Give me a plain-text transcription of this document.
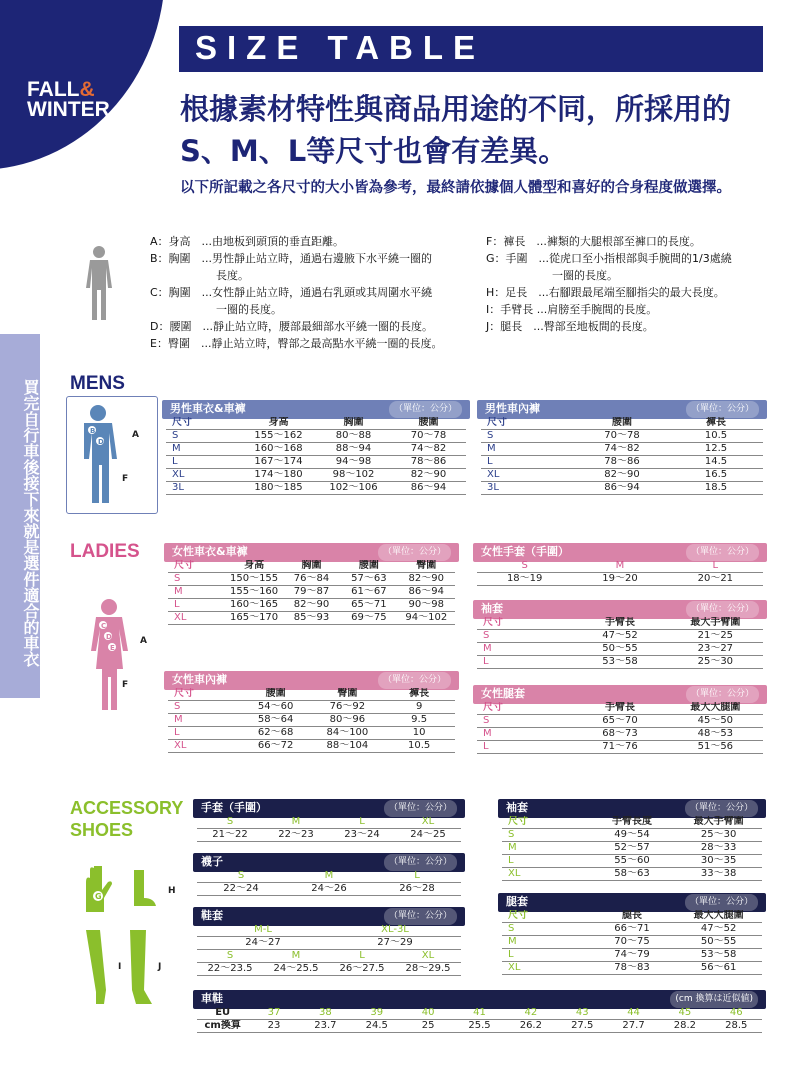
FALL&
WINTER
SIZE TABLE
根據素材特性與商品用途的不同，所採用的S、M、L等尺寸也會有差異。
以下所記載之各尺寸的大小皆為參考，最終請依據個人體型和喜好的合身程度做選擇。
買完自行車後接下來就是選件適合的車衣
A：身高　...由地板到頭頂的垂直距離。
B：胸圍　...男性靜止站立時，通過右邊腋下水平繞一圈的
　　　　　　長度。
C：胸圍　...女性靜止站立時，通過右乳頭或其周圍水平繞
　　　　　　一圈的長度。
D：腰圍　...靜止站立時，腰部最細部水平繞一圈的長度。
E：臀圍　...靜止站立時，臀部之最高點水平繞一圈的長度。
F：褲長　...褲類的大腿根部至褲口的長度。
G：手圍　...從虎口至小指根部與手腕間的1/3處繞
　　　　　　一圈的長度。
H：足長　...右腳跟最尾端至腳指尖的最大長度。
I：手臂長 ...肩膀至手腕間的長度。
J：腿長　...臀部至地板間的長度。
MENS
B
D
A
F
男性車衣&車褲	（單位：公分）
尺寸	身高	胸圍	腰圍
S	155～162	80～88	70～78
M	160～168	88～94	74～82
L	167～174	94～98	78～86
XL	174～180	98～102	82～90
3L	180～185	102～106	86～94
男性車內褲	（單位：公分）
尺寸	腰圍	褲長
S	70～78	10.5
M	74～82	12.5
L	78～86	14.5
XL	82～90	16.5
3L	86～94	18.5
LADIES
C
D
E
A
F
女性車衣&車褲	（單位：公分）
尺寸	身高	胸圍	腰圍	臀圍
S	150～155	76～84	57～63	82～90
M	155～160	79～87	61～67	86～94
L	160～165	82～90	65～71	90～98
XL	165～170	85～93	69～75	94～102
女性車內褲	（單位：公分）
尺寸	腰圍	臀圍	褲長
S	54～60	76～92	9
M	58～64	80～96	9.5
L	62～68	84～100	10
XL	66～72	88～104	10.5
女性手套（手圍）	（單位：公分）
S	M	L
18～19	19～20	20～21
袖套	（單位：公分）
尺寸	手臂長	最大手臂圍
S	47～52	21～25
M	50～55	23～27
L	53～58	25～30
女性腿套	（單位：公分）
尺寸	手臂長	最大大腿圍
S	65～70	45～50
M	68～73	48～53
L	71～76	51～56
ACCESSORY
SHOES
G
H
I	J
手套（手圍）	（單位：公分）
S	M	L	XL
21～22	22～23	23～24	24～25
襪子	（單位：公分）
S	M	L
22～24	24～26	26～28
鞋套	（單位：公分）
M-L		XL-3L	
24～27		27～29	
S	M	L	XL
22～23.5	24～25.5	26～27.5	28～29.5
袖套	（單位：公分）
尺寸	手臂長度	最大手臂圍
S	49～54	25～30
M	52～57	28～33
L	55～60	30～35
XL	58～63	33～38
腿套	（單位：公分）
尺寸	腿長	最大大腿圍
S	66～71	47～52
M	70～75	50～55
L	74～79	53～58
XL	78～83	56～61
車鞋	(cm 換算は近似値)
EU	37	38	39	40	41	42	43	44	45	46
cm換算	23	23.7	24.5	25	25.5	26.2	27.5	27.7	28.2	28.5
